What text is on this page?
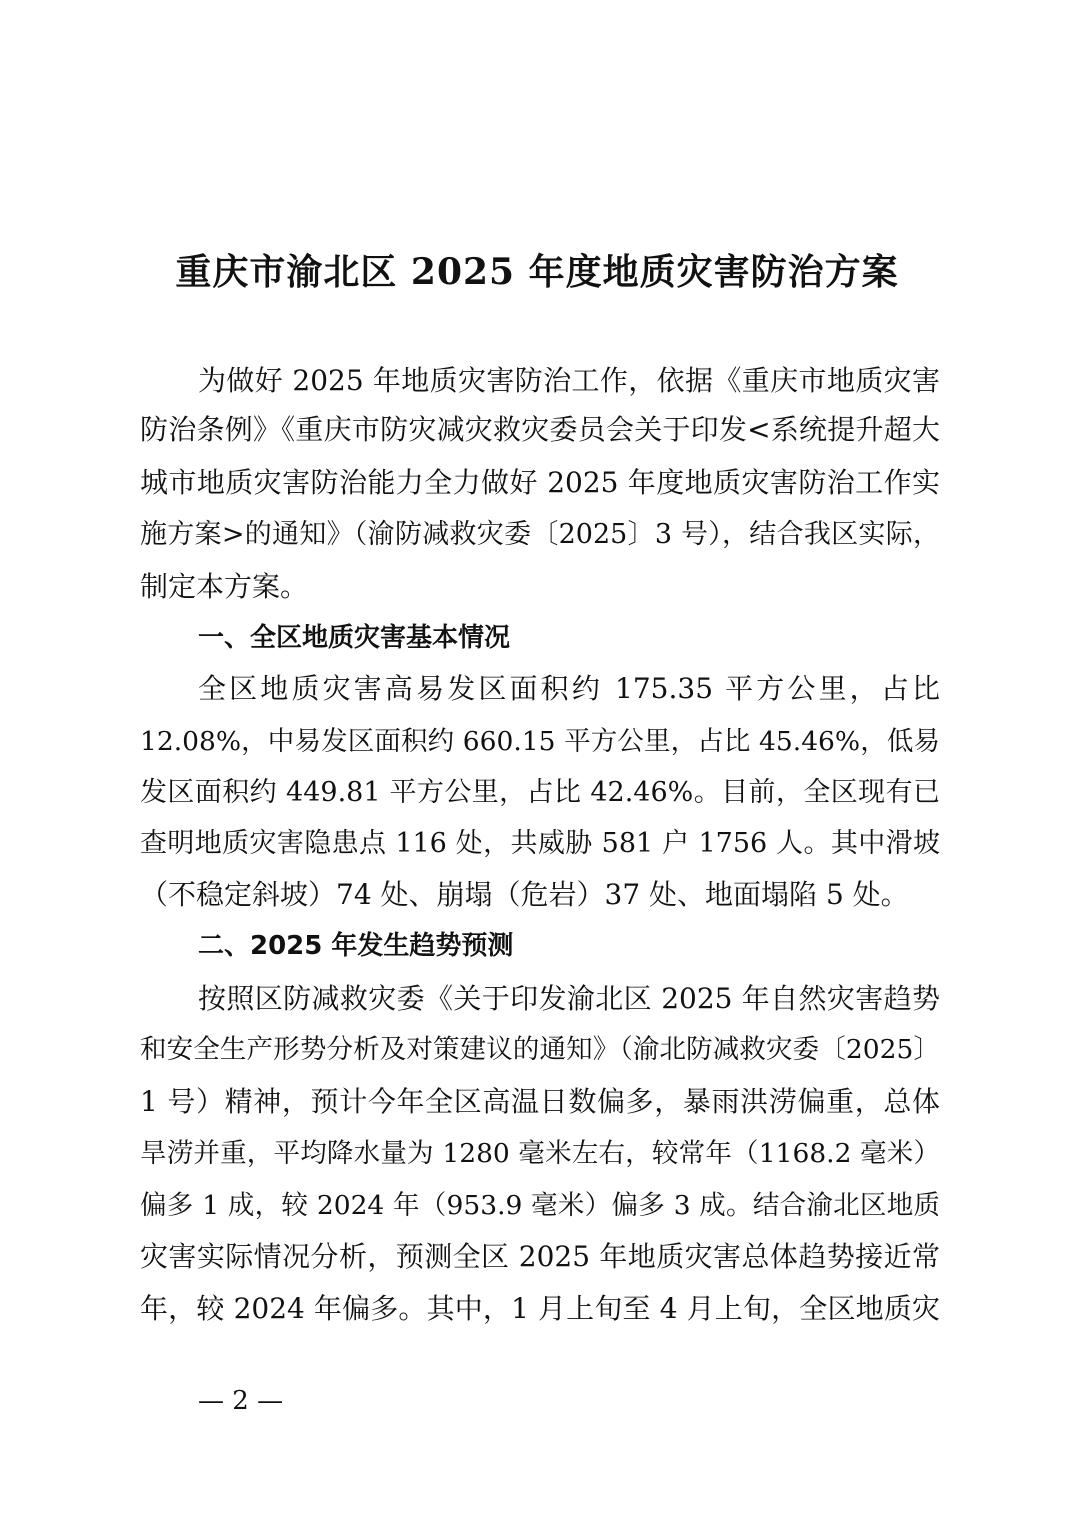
重庆市渝北区 2025 年度地质灾害防治方案
为做好 2025 年地质灾害防治工作，依据《重庆市地质灾害
防治条例》《重庆市防灾减灾救灾委员会关于印发<系统提升超大
城市地质灾害防治能力全力做好 2025 年度地质灾害防治工作实
施方案>的通知》（渝防减救灾委〔2025〕3 号），结合我区实际，
制定本方案。
一、全区地质灾害基本情况
全区地质灾害高易发区面积约 175.35 平方公里，占比
12.08%，中易发区面积约 660.15 平方公里，占比 45.46%，低易
发区面积约 449.81 平方公里，占比 42.46%。目前，全区现有已
查明地质灾害隐患点 116 处，共威胁 581 户 1756 人。其中滑坡
（不稳定斜坡）74 处、崩塌（危岩）37 处、地面塌陷 5 处。
二、2025 年发生趋势预测
按照区防减救灾委《关于印发渝北区 2025 年自然灾害趋势
和安全生产形势分析及对策建议的通知》（渝北防减救灾委〔2025〕
1 号）精神，预计今年全区高温日数偏多，暴雨洪涝偏重，总体
旱涝并重，平均降水量为 1280 毫米左右，较常年（1168.2 毫米）
偏多 1 成，较 2024 年（953.9 毫米）偏多 3 成。结合渝北区地质
灾害实际情况分析，预测全区 2025 年地质灾害总体趋势接近常
年，较 2024 年偏多。其中，1 月上旬至 4 月上旬，全区地质灾
— 2 —
